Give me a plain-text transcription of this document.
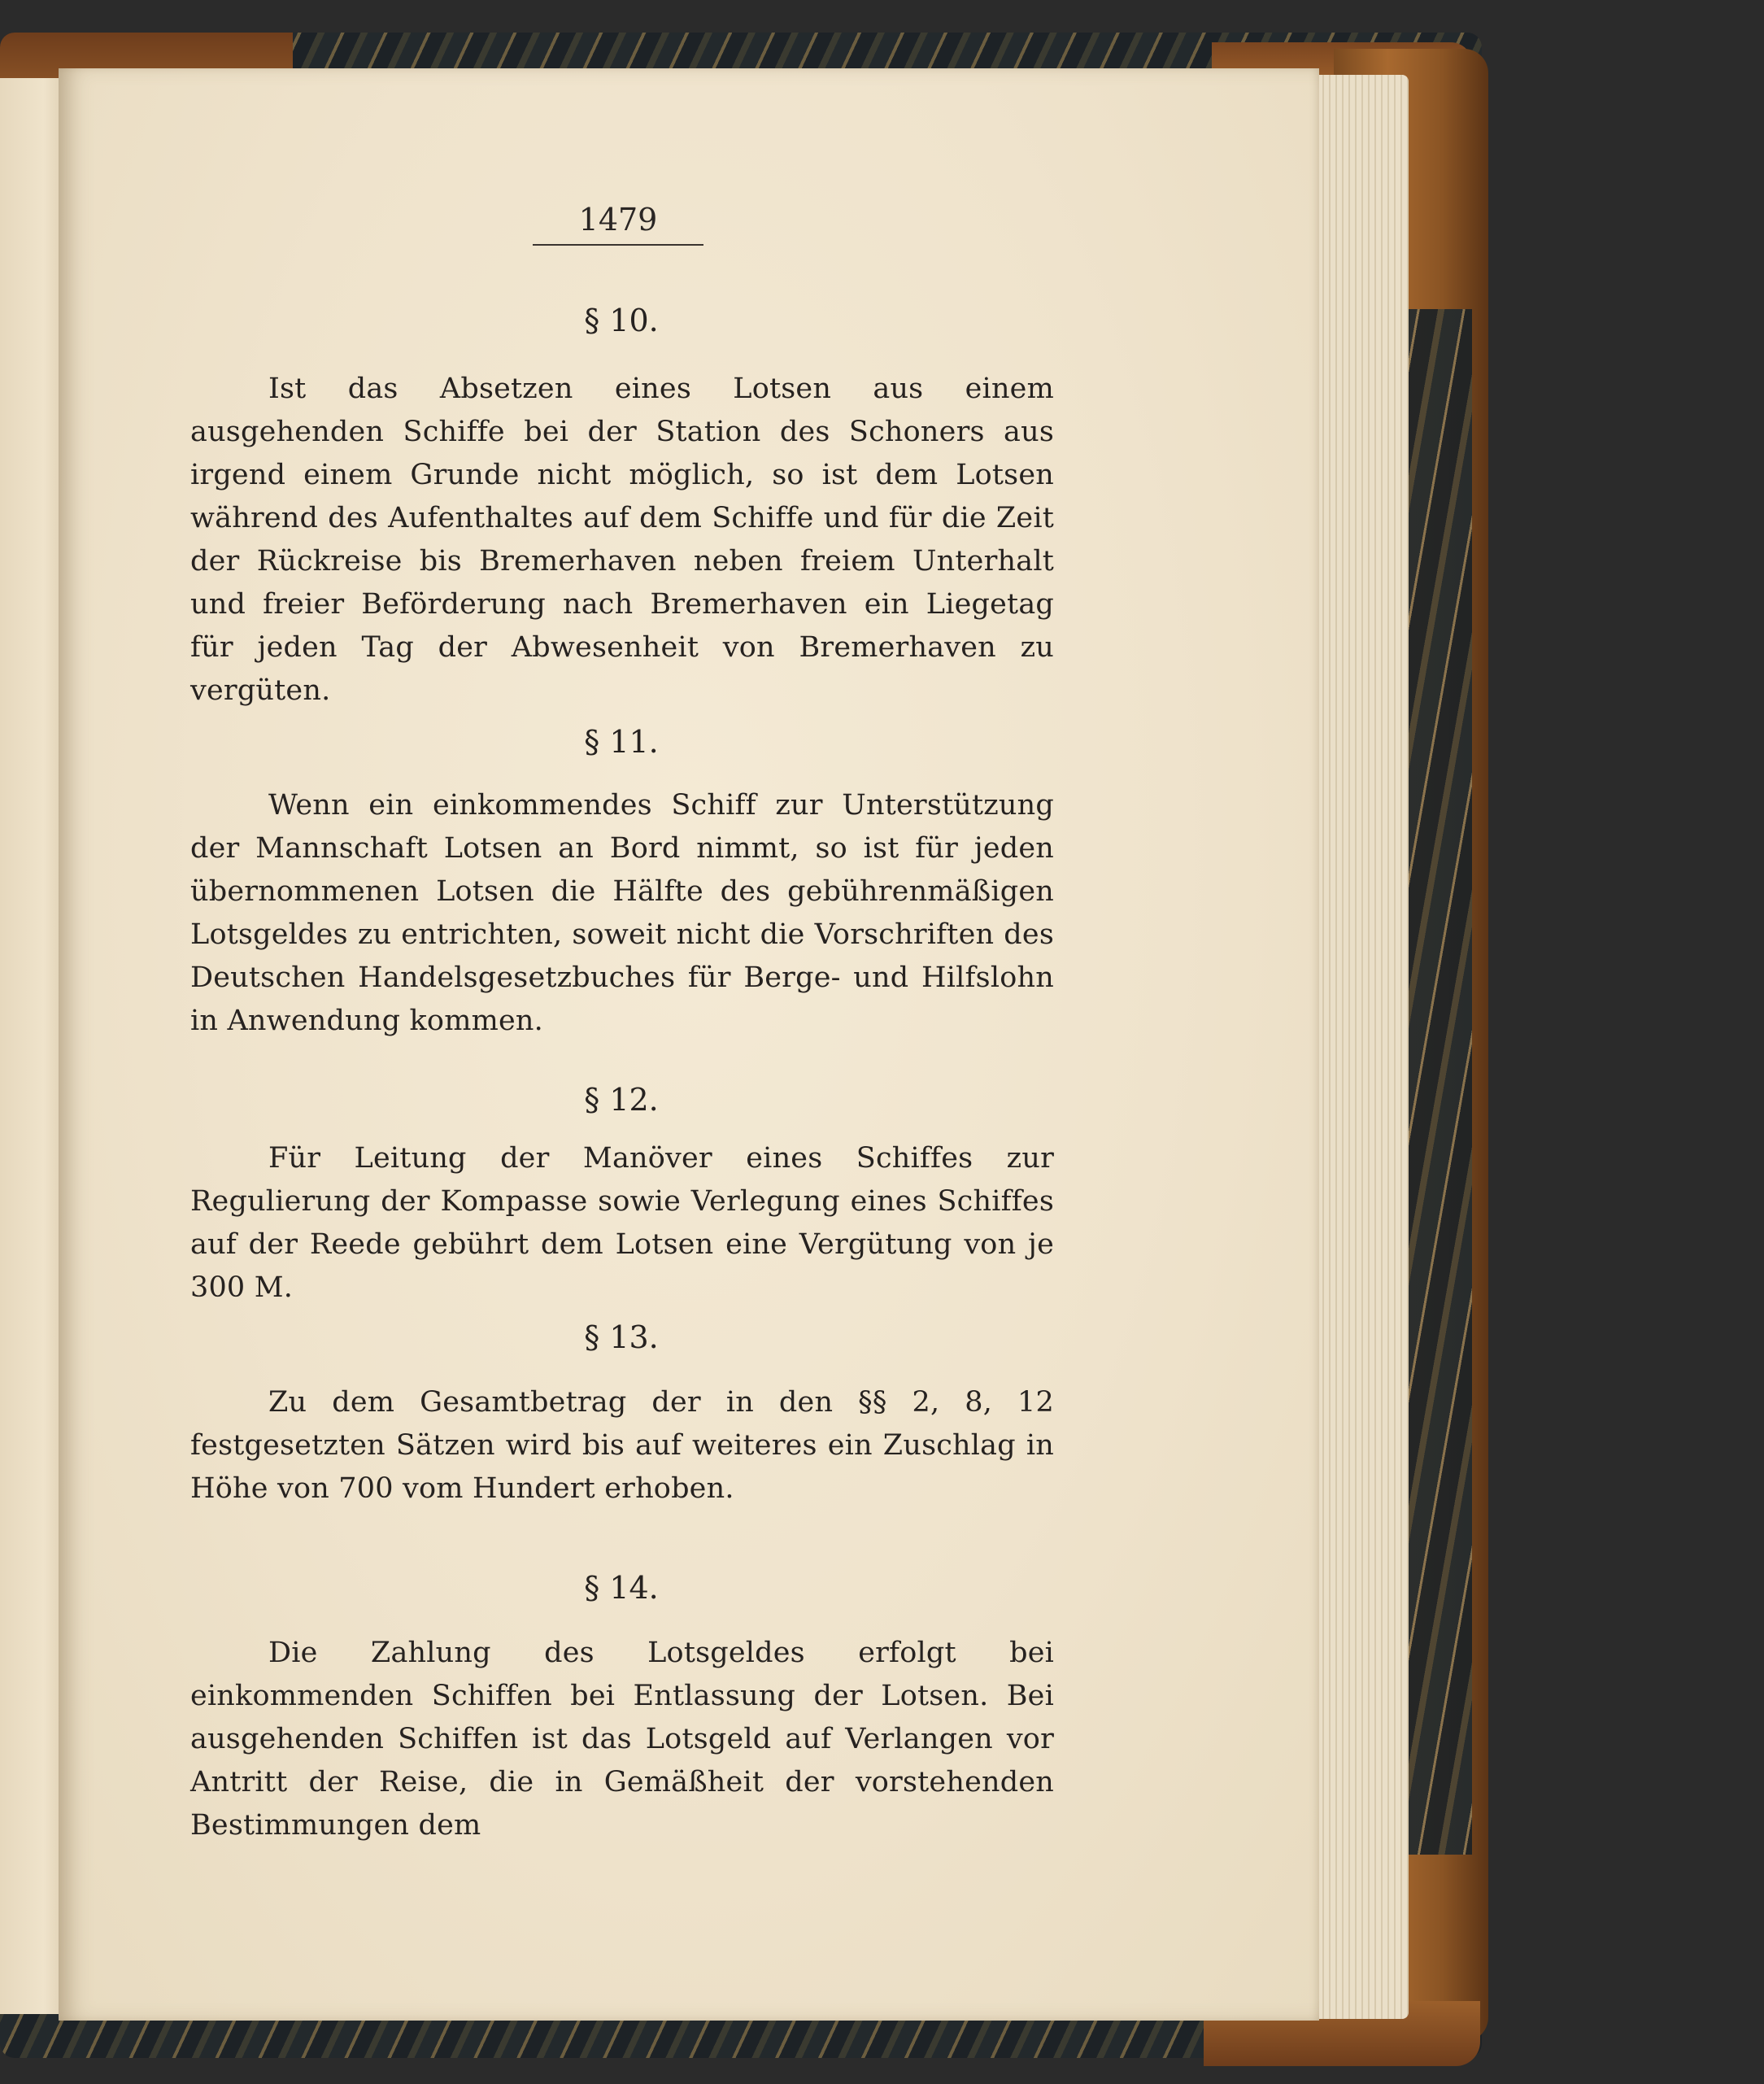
1479
§ 10.
Ist das Absetzen eines Lotsen aus einem ausgehenden Schiffe bei der Station des Schoners aus irgend einem Grunde nicht möglich, so ist dem Lotsen während des Aufenthaltes auf dem Schiffe und für die Zeit der Rückreise bis Bremerhaven neben freiem Unterhalt und freier Beförderung nach Bremerhaven ein Liegetag für jeden Tag der Abwesenheit von Bremerhaven zu vergüten.
§ 11.
Wenn ein einkommendes Schiff zur Unterstützung der Mannschaft Lotsen an Bord nimmt, so ist für jeden übernommenen Lotsen die Hälfte des gebührenmäßigen Lotsgeldes zu entrichten, soweit nicht die Vorschriften des Deutschen Handelsgesetzbuches für Berge- und Hilfslohn in Anwendung kommen.
§ 12.
Für Leitung der Manöver eines Schiffes zur Regulierung der Kompasse sowie Verlegung eines Schiffes auf der Reede gebührt dem Lotsen eine Vergütung von je 300 M.
§ 13.
Zu dem Gesamtbetrag der in den §§ 2, 8, 12 festgesetzten Sätzen wird bis auf weiteres ein Zuschlag in Höhe von 700 vom Hundert erhoben.
§ 14.
Die Zahlung des Lotsgeldes erfolgt bei einkommenden Schiffen bei Entlassung der Lotsen. Bei ausgehenden Schiffen ist das Lotsgeld auf Verlangen vor Antritt der Reise, die in Gemäßheit der vorstehenden Bestimmungen dem
